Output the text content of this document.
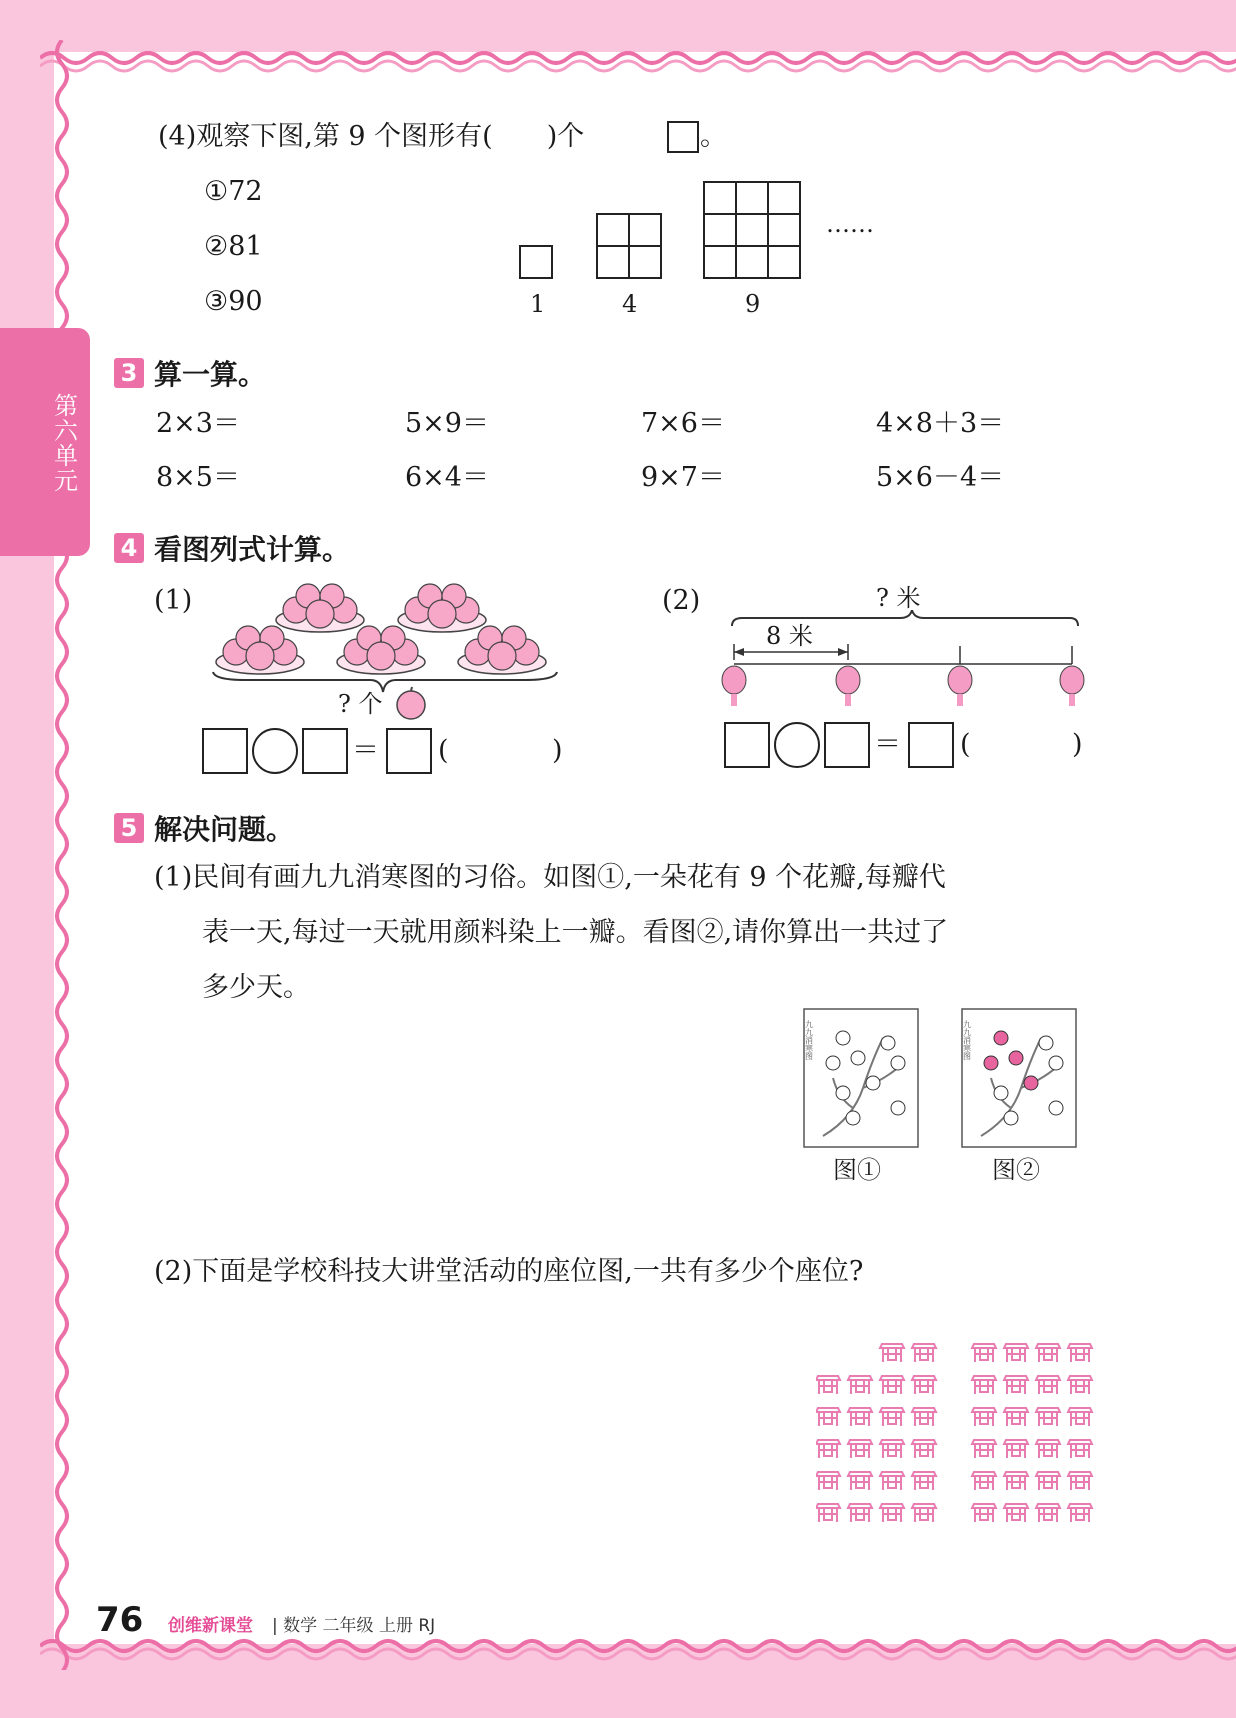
第六单元
(4)观察下图,第 9 个图形有(　　)个	。
①72
②81
③90	1	4	9
……
3 算一算。
2×3＝	5×9＝	7×6＝	4×8＋3＝
8×5＝	6×4＝	9×7＝	5×6－4＝
4 看图列式计算。
(1)
? 个
＝ (	)
(2)	? 米
8 米
＝ (	)
5 解决问题。
(1)民间有画九九消寒图的习俗。如图①,一朵花有 9 个花瓣,每瓣代
表一天,每过一天就用颜料染上一瓣。看图②,请你算出一共过了
多少天。
九九消寒图	九九消寒图
图①	图②
(2)下面是学校科技大讲堂活动的座位图,一共有多少个座位?
76 创维新课堂 | 数学 二年级 上册 RJ
